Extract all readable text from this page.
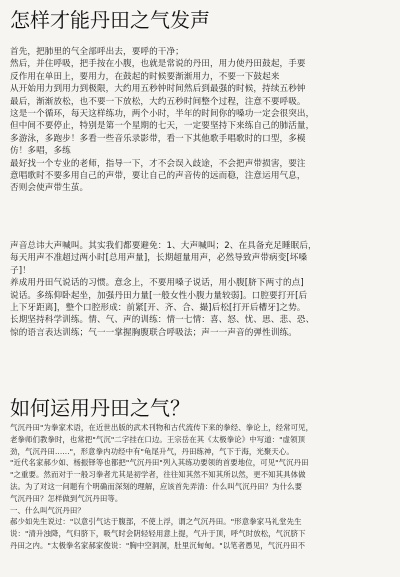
怎样才能丹田之气发声
首先，把肺里的气全部呼出去，要呼的干净；
然后，并住呼吸，把手按在小腹，也就是常说的丹田，用力使丹田鼓起，手要
反作用在单田上，要用力，在鼓起的时候要渐渐用力，不要一下鼓起来
从开始用力到用力到极限，大约用五秒钟时间然后到最强的时候，持续五秒钟
最后，渐渐放松，也不要一下放松，大约五秒时间整个过程，注意不要呼吸。
这是一个循环，每天这样练功，两个小时，半年的时间你的嗓功一定会很突出，
但中间不要停止，特别是第一个星期的七天，一定要坚持下来练自己的肺活量，
多游泳，多跑步！多看一些音乐录影带，看一下其他歌手唱歌时的口型，多模
仿！多唱，多练
最好找一个专业的老师，指导一下，才不会误入歧途，不会把声带损害，要注
意唱歌时不要多用自己的声带，要让自己的声音传的远而稳，注意运用气息，
否则会使声带生茧。
声音总讳大声喊叫。其实我们都要避免：1、大声喊叫；2、在具备充足睡眠后，
每天用声不准超过两小时[总用声量]，长期超量用声，必然导致声带病变[坏嗓
子]！
养成用丹田气说话的习惯。意念上，不要用嗓子说话，用小腹[脐下两寸的点]
说话。多练仰卧起坐，加强丹田力量[一般女性小腹力量较弱]。口腔要打开[后
上下牙距离]，整个口腔形成：前紧[开、齐、合、撮]后松[打开后槽牙]之势。
长期坚持科学训练。情、气、声的训练：情一七情：喜、怒、忧、思、悲、恐、
惊的语言表达训练；气一一掌握胸腹联合呼吸法；声一一声音的弹性训练。
如何运用丹田之气？
气沉丹田"为拳家术语，在近世出版的武术刊物和古代流传下来的拳经、拳论上，经常可见，
老拳师们教拳时，也常把"气沉"二字挂在口边。王宗岳在其《太极拳论》中写道："虚领顶
劲，气沉丹田......"，形意拳内功经中有"龟尾升气，丹田练神，气下于海，光聚天心。
"近代名家郝少如、杨振铎等也都把"气沉丹田"列入其练功要领的首要地位，可见"气沉丹田
"之重要。然而对于一般习拳者尤其是初学者，往往知其然不知其所以然，更不知其具体做
法。为了对这一问题有个明确而深刻的理解，应该首先弄清：什么叫气沉丹田？为什么要
气沉丹田？怎样做到气沉丹田等。
一、什么叫气沉丹田？
郝少如先生说过："以意引气达于腹部，不使上浮，谓之气沉丹田。"形意拳家马礼堂先生
说："清升浊降，气归脐下，吸气时会阴轻轻用意上提，气升于顶，呼气时放松，气沉脐下
丹田之内。"太极拳名家郝家俊说："胸中空洞洞，肚里沉甸甸。"以笔者愚见，气沉丹田不
